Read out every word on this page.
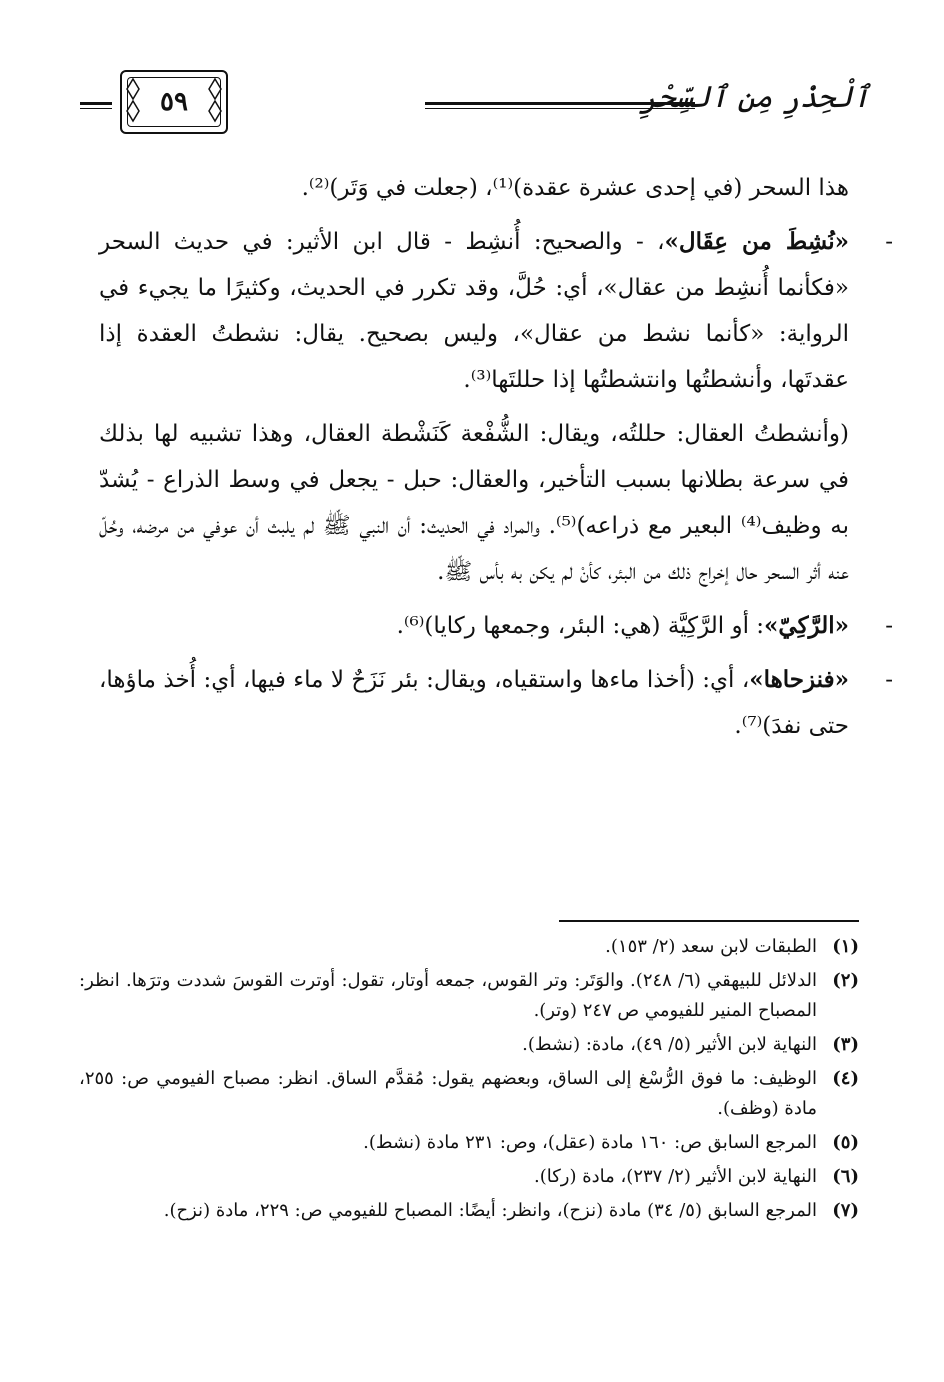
ٱلْحِذْرِ مِن ٱلسِّحْرِ
٥٩

هذا السحر (في إحدى عشرة عقدة)⁽¹⁾، (جعلت في وَتَر)⁽²⁾.

-
«نُشِطَ من عِقَال»، - والصحيح: أُنشِط - قال ابن الأثير: في حديث السحر «فكأنما أُنشِط من عقال»، أي: حُلَّ، وقد تكرر في الحديث، وكثيرًا ما يجيء في الرواية: «كأنما نشط من عقال»، وليس بصحيح. يقال: نشطتُ العقدة إذا عقدتَها، وأنشطتُها وانتشطتُها إذا حللتَها⁽³⁾.

(وأنشطتُ العقال: حللتُه، ويقال: الشُّفْعة كَنَشْطة العقال، وهذا تشبيه لها بذلك في سرعة بطلانها بسبب التأخير، والعقال: حبل - يجعل في وسط الذراع - يُشدّ به وظيف⁽⁴⁾ البعير مع ذراعه)⁽⁵⁾. والمراد في الحديث: أن النبي ﷺ لم يلبث أن عوفي من مرضه، وحُلّ عنه أثر السحر حال إخراج ذلك من البئر، كأنْ لم يكن به بأس ﷺ.

-
«الرَّكِيّ»: أو الرَّكِيَّة (هي: البئر، وجمعها ركايا)⁽⁶⁾.

-
«فنزحاها»، أي: (أخذا ماءها واستقياه، ويقال: بئر نَزَحٌ لا ماء فيها، أي: أُخذ ماؤها، حتى نفدَ)⁽⁷⁾.

(١)
الطبقات لابن سعد (٢/ ١٥٣).
(٢)
الدلائل للبيهقي (٦/ ٢٤٨). والوَتَر: وتر القوس، جمعه أوتار، تقول: أوترت القوسَ شددت وترَها. انظر: المصباح المنير للفيومي ص ٢٤٧ (وتر).
(٣)
النهاية لابن الأثير (٥/ ٤٩)، مادة: (نشط).
(٤)
الوظيف: ما فوق الرُّسْغ إلى الساق، وبعضهم يقول: مُقدَّم الساق. انظر: مصباح الفيومي ص: ٢٥٥، مادة (وظف).
(٥)
المرجع السابق ص: ١٦٠ مادة (عقل)، وص: ٢٣١ مادة (نشط).
(٦)
النهاية لابن الأثير (٢/ ٢٣٧)، مادة (ركا).
(٧)
المرجع السابق (٥/ ٣٤) مادة (نزح)، وانظر: أيضًا: المصباح للفيومي ص: ٢٢٩، مادة (نزح).
